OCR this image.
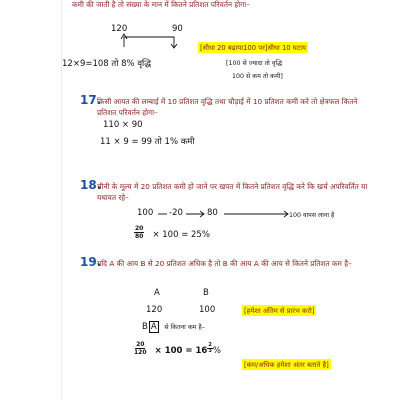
कमी की जाती है तो संख्या के मान में कितने प्रतिशत परिवर्तन होगा–
120	90
[सीधा 20 बढ़ाया100 पर]सीधा 10 घटाय
12×9=108 तो 8% वृद्धि	[100 से ज्यादा तो वृद्धि
100 से कम तो कमी]
17.
किसी आयत की लम्बाई में 10 प्रतिशत वृद्धि तथा चौड़ाई में 10 प्रतिशत कमी करे तो क्षेत्रफल कितने प्रतिशत परिवर्तन होगा–
110 × 90
11 × 9 = 99 तो 1% कमी
18.
चीनी के मूल्य में 20 प्रतिशत कमी हो जाने पर खपत में कितने प्रतिशत वृद्धि करे कि खर्च अपरिवर्तित या यथावत रहे–
100 -20	80	100 वापस लाना है
$\frac{20}{80} \times 100 = 25\%$
19.
यदि A की आय B से 20 प्रतिशत अधिक है तो B की आय A की आय से कितने प्रतिशत कम है–
A	B
120	100	[हमेशा अंतिम से प्रारंभ करो]
B A से कितना कम है–
$\frac{20}{120} \times 100 = 16 \frac{2}{3}$ %
[कम/अधिक हमेशा अंतर बताते है]
